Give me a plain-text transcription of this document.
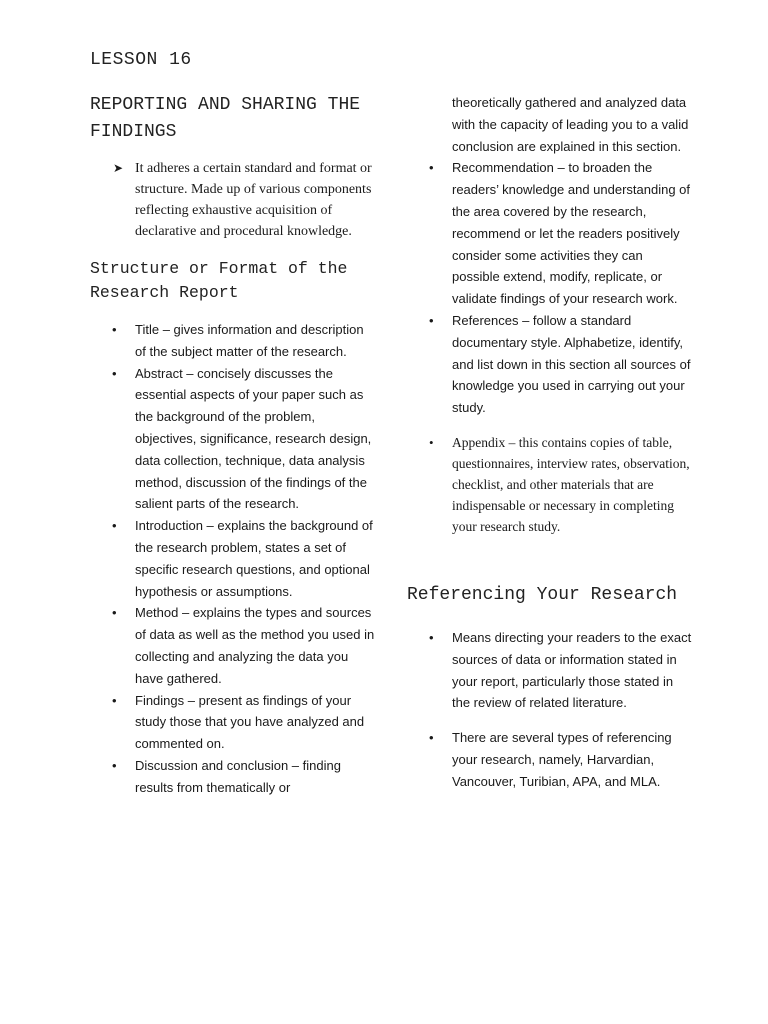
LESSON 16
REPORTING AND SHARING THE FINDINGS
➤ It adheres a certain standard and format or structure. Made up of various components reflecting exhaustive acquisition of declarative and procedural knowledge.
Structure or Format of the Research Report
• Title – gives information and description of the subject matter of the research.
• Abstract – concisely discusses the essential aspects of your paper such as the background of the problem, objectives, significance, research design, data collection, technique, data analysis method, discussion of the findings of the salient parts of the research.
• Introduction – explains the background of the research problem, states a set of specific research questions, and optional hypothesis or assumptions.
• Method – explains the types and sources of data as well as the method you used in collecting and analyzing the data you have gathered.
• Findings – present as findings of your study those that you have analyzed and commented on.
• Discussion and conclusion – finding results from thematically or
theoretically gathered and analyzed data with the capacity of leading you to a valid conclusion are explained in this section.
• Recommendation – to broaden the readers’ knowledge and understanding of the area covered by the research, recommend or let the readers positively consider some activities they can possible extend, modify, replicate, or validate findings of your research work.
• References – follow a standard documentary style. Alphabetize, identify, and list down in this section all sources of knowledge you used in carrying out your study.
• Appendix – this contains copies of table, questionnaires, interview rates, observation, checklist, and other materials that are indispensable or necessary in completing your research study.
Referencing Your Research
• Means directing your readers to the exact sources of data or information stated in your report, particularly those stated in the review of related literature.
• There are several types of referencing your research, namely, Harvardian, Vancouver, Turibian, APA, and MLA.
